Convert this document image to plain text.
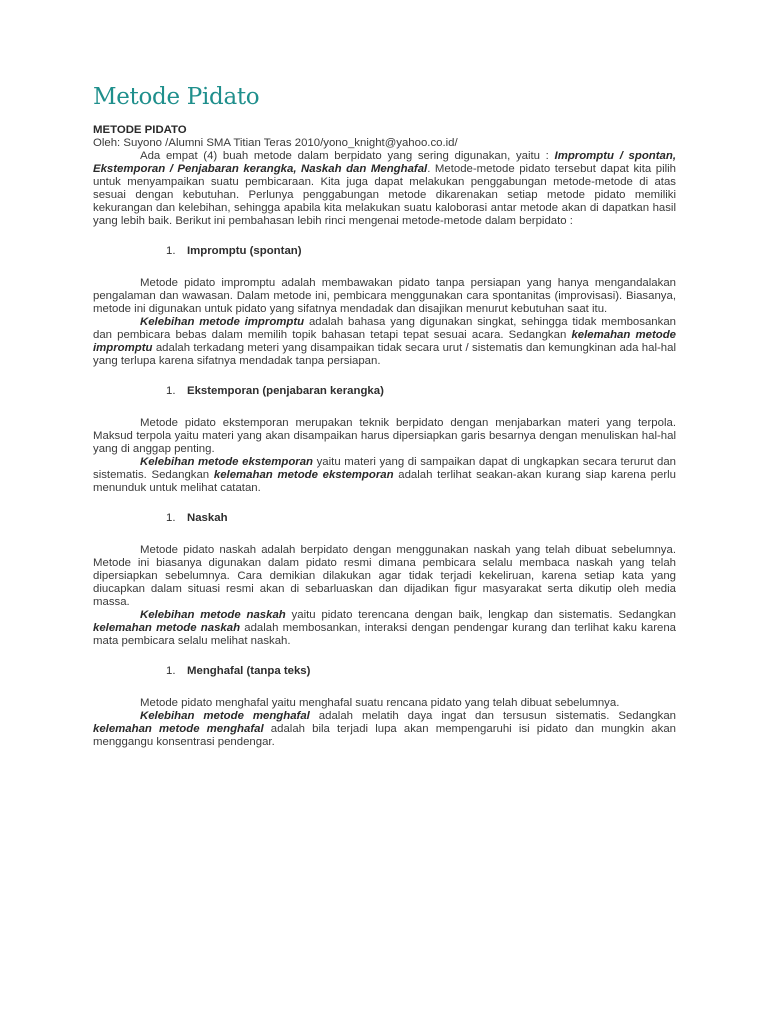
Metode Pidato
METODE PIDATO
Oleh: Suyono /Alumni SMA Titian Teras 2010/yono_knight@yahoo.co.id/

Ada empat (4) buah metode dalam berpidato yang sering digunakan, yaitu : Impromptu / spontan, Ekstemporan / Penjabaran kerangka, Naskah dan Menghafal. Metode-metode pidato tersebut dapat kita pilih untuk menyampaikan suatu pembicaraan. Kita juga dapat melakukan penggabungan metode-metode di atas sesuai dengan kebutuhan. Perlunya penggabungan metode dikarenakan setiap metode pidato memiliki kekurangan dan kelebihan, sehingga apabila kita melakukan suatu kaloborasi antar metode akan di dapatkan hasil yang lebih baik. Berikut ini pembahasan lebih rinci mengenai metode-metode dalam berpidato :

1. Impromptu (spontan)

Metode pidato impromptu adalah membawakan pidato tanpa persiapan yang hanya mengandalakan pengalaman dan wawasan. Dalam metode ini, pembicara menggunakan cara spontanitas (improvisasi). Biasanya, metode ini digunakan untuk pidato yang sifatnya mendadak dan disajikan menurut kebutuhan saat itu.

Kelebihan metode impromptu adalah bahasa yang digunakan singkat, sehingga tidak membosankan dan pembicara bebas dalam memilih topik bahasan tetapi tepat sesuai acara. Sedangkan kelemahan metode impromptu adalah terkadang meteri yang disampaikan tidak secara urut / sistematis dan kemungkinan ada hal-hal yang terlupa karena sifatnya mendadak tanpa persiapan.

1. Ekstemporan (penjabaran kerangka)

Metode pidato ekstemporan merupakan teknik berpidato dengan menjabarkan materi yang terpola. Maksud terpola yaitu materi yang akan disampaikan harus dipersiapkan garis besarnya dengan menuliskan hal-hal yang di anggap penting.

Kelebihan metode ekstemporan yaitu materi yang di sampaikan dapat di ungkapkan secara terurut dan sistematis. Sedangkan kelemahan metode ekstemporan adalah terlihat seakan-akan kurang siap karena perlu menunduk untuk melihat catatan.

1. Naskah

Metode pidato naskah adalah berpidato dengan menggunakan naskah yang telah dibuat sebelumnya. Metode ini biasanya digunakan dalam pidato resmi dimana pembicara selalu membaca naskah yang telah dipersiapkan sebelumnya. Cara demikian dilakukan agar tidak terjadi kekeliruan, karena setiap kata yang diucapkan dalam situasi resmi akan di sebarluaskan dan dijadikan figur masyarakat serta dikutip oleh media massa.

Kelebihan metode naskah yaitu pidato terencana dengan baik, lengkap dan sistematis. Sedangkan kelemahan metode naskah adalah membosankan, interaksi dengan pendengar kurang dan terlihat kaku karena mata pembicara selalu melihat naskah.

1. Menghafal (tanpa teks)

Metode pidato menghafal yaitu menghafal suatu rencana pidato yang telah dibuat sebelumnya.

Kelebihan metode menghafal adalah melatih daya ingat dan tersusun sistematis. Sedangkan kelemahan metode menghafal adalah bila terjadi lupa akan mempengaruhi isi pidato dan mungkin akan menggangu konsentrasi pendengar.
